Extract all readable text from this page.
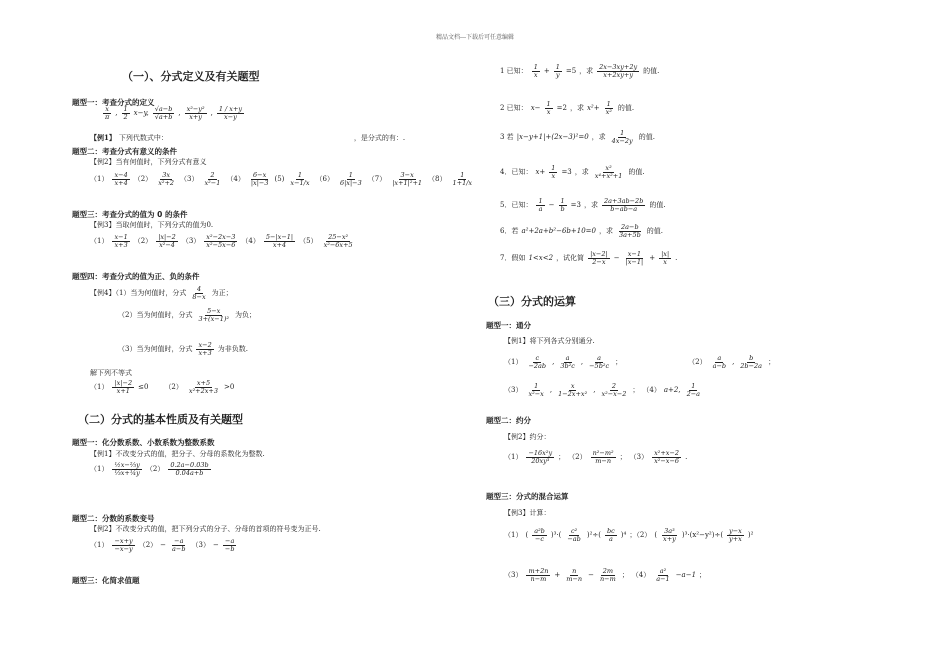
精品文档---下载后可任意编辑
（一）、分式定义及有关题型
题型一：考查分式的定义
x
π ,
1
2 x−y,
√a−b
√a+b ,
x²−y²
x+y ,
1 / x+y
x−y
【例1】 下列代数式中：	，是分式的有：.
题型二：考查分式有意义的条件
【例2】当有何值时，下列分式有意义
（1）
x−4
x+4 （2）
3x
x²+2 （3）
2
x²−1 （4）
6−x
|x|−3 (5)
1
x−1/x （6）
1
6|x|−3 （7）
3−x
|x+1|²+1 （8）
1
1+1/x
题型三：考查分式的值为 0 的条件
【例3】当取何值时，下列分式的值为0.
（1）
x−1
x+3 （2）
|x|−2
x²−4 （3）
x²−2x−3
x²−5x−6 （4）
5−|x−1|
x+4 （5）
25−x²
x²−6x+5
题型四：考查分式的值为正、负的条件
【例4】（1）当为何值时，分式
4
8−x 为正；
（2）当为何值时，分式
5−x
3+(x−1)² 为负；
（3）当为何值时，分式
x−2
x+3 为非负数.
解下列不等式
$(1) \frac{|x|-2}{x+1} \le 0$ （2）
x+5
x²+2x+3 >0
（二）分式的基本性质及有关题型
题型一：化分数系数、小数系数为整数系数
【例1】不改变分式的值，把分子、分母的系数化为整数.
（1）
½x−⅔y
⅓x+¼y （2）
0.2a−0.03b
0.04a+b
题型二：分数的系数变号
【例2】不改变分式的值，把下列分式的分子、分母的首项的符号变为正号.
（1）
−x+y
−x−y $(2) - \frac{-a}{a-b} (3) - \frac{-a}{-b}$
题型三：化简求值题
1 已知：
1
$x + \frac{1}{y} =5$ ，求
2x−3xy+2y
x+2xy+y 的值.
2 已知： $x- \frac{1}{x} =2$ ，求 $x^2+ \frac{1}{\text{x²}}$ 的值.
3 若 |x−y+1|+(2x−3)²=0 ，求
1
4x−2y 的值.
4．已知： $x+ \frac{1}{x} =3$ ，求
x²
x⁴+x²+1 的值.
5．已知：
1
$a - \frac{1}{b} =3$ ，求
2a+3ab−2b
b−ab−a 的值.
6．若 a²+2a+b²−6b+10=0 ，求
2a−b
3a+5b 的值.
7．假如 1<x<2 ，试化简
|x−2|
$2-x - \frac{x-1}{|x-1|} + \frac{|x|}{x}$ .
（三）分式的运算
题型一：通分
【例1】将下列各式分别通分.
（1）
c
−2ab ,
a
3b²c ,
a
−5b²c ；	（2）
a
a−b ,
b
2b−2a ；
（3）
1
x²−x ,
x
1−2x+x² ,
2
x²−x−2 ； （4） a+2,
1
2−a
题型二：约分
【例2】约分：
（1）
−16x²y
20xy³ ； （2）
n²−m²
m−n ； （3）
x²+x−2
x²−x−6 .
题型三：分式的混合运算
【例3】计算：
（1） (
a²b
−c )³·(
c²
−ab )²÷(
bc
a )⁴ ；（2） (
3a³
x+y )³·(x²−y²)÷(
y−x
y+x )²
（3）
m+2n
$n-m + \frac{n}{m-n} - \frac{2m}{n-m}$ ； （4）
a²
a−1 −a−1 ；
